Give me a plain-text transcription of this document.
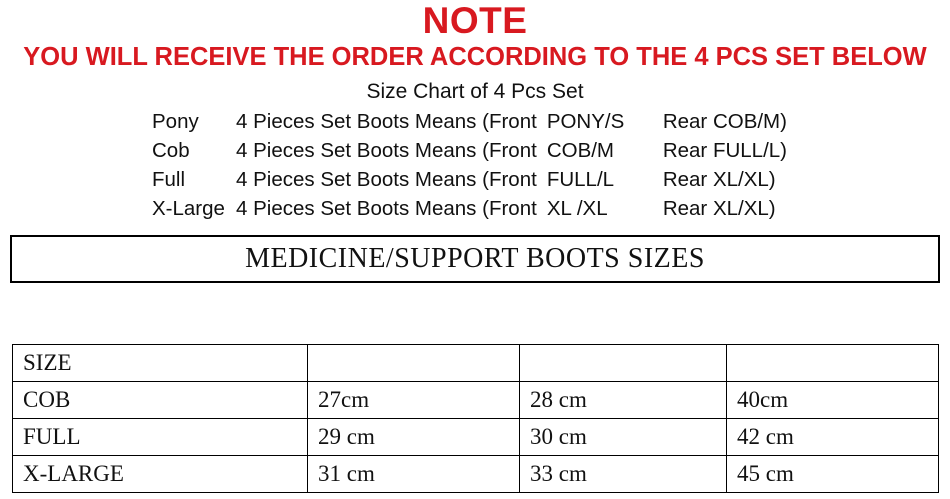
NOTE
YOU WILL RECEIVE THE ORDER ACCORDING TO THE 4 PCS SET BELOW
Size Chart of 4 Pcs Set
Pony	4 Pieces Set Boots Means (Front PONY/S	Rear COB/M)
Cob	4 Pieces Set Boots Means (Front COB/M	Rear FULL/L)
Full	4 Pieces Set Boots Means (Front FULL/L	Rear XL/XL)
X-Large 4 Pieces Set Boots Means (Front XL /XL	Rear XL/XL)
MEDICINE/SUPPORT BOOTS SIZES
SIZE			
COB	27cm	28 cm	40cm
FULL	29 cm	30 cm	42 cm
X-LARGE	31 cm	33 cm	45 cm
